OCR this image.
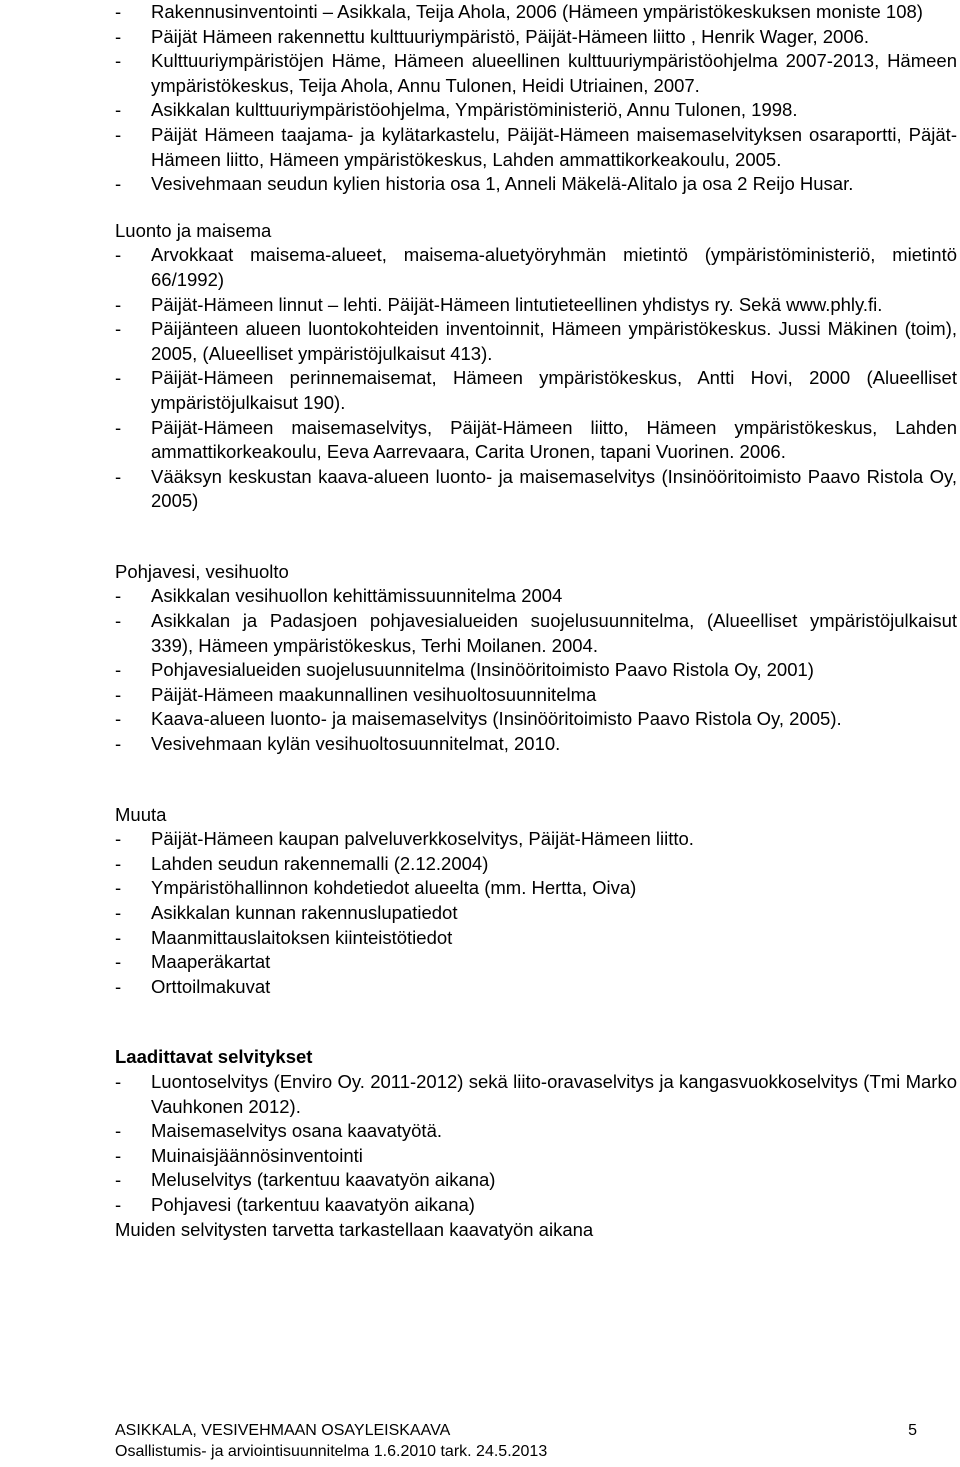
- Rakennusinventointi – Asikkala, Teija Ahola, 2006 (Hämeen ympäristökeskuksen moniste 108)
- Päijät Hämeen rakennettu kulttuuriympäristö, Päijät-Hämeen liitto , Henrik Wager, 2006.
- Kulttuuriympäristöjen Häme, Hämeen alueellinen kulttuuriympäristöohjelma 2007-2013, Hämeen ympäristökeskus, Teija Ahola, Annu Tulonen, Heidi Utriainen, 2007.
- Asikkalan kulttuuriympäristöohjelma, Ympäristöministeriö, Annu Tulonen, 1998.
- Päijät Hämeen taajama- ja kylätarkastelu, Päijät-Hämeen maisemaselvityksen osaraportti, Päjät-Hämeen liitto, Hämeen ympäristökeskus, Lahden ammattikorkeakoulu, 2005.
- Vesivehmaan seudun kylien historia osa 1, Anneli Mäkelä-Alitalo ja osa 2 Reijo Husar.
Luonto ja maisema
- Arvokkaat maisema-alueet, maisema-aluetyöryhmän mietintö (ympäristöministeriö, mietintö 66/1992)
- Päijät-Hämeen linnut – lehti. Päijät-Hämeen lintutieteellinen yhdistys ry. Sekä www.phly.fi.
- Päijänteen alueen luontokohteiden inventoinnit, Hämeen ympäristökeskus. Jussi Mäkinen (toim), 2005, (Alueelliset ympäristöjulkaisut 413).
- Päijät-Hämeen perinnemaisemat, Hämeen ympäristökeskus, Antti Hovi, 2000 (Alueelliset ympäristöjulkaisut 190).
- Päijät-Hämeen maisemaselvitys, Päijät-Hämeen liitto, Hämeen ympäristökeskus, Lahden ammattikorkeakoulu, Eeva Aarrevaara, Carita Uronen, tapani Vuorinen. 2006.
- Vääksyn keskustan kaava-alueen luonto- ja maisemaselvitys (Insinööritoimisto Paavo Ristola Oy, 2005)
Pohjavesi, vesihuolto
- Asikkalan vesihuollon kehittämissuunnitelma 2004
- Asikkalan ja Padasjoen pohjavesialueiden suojelusuunnitelma, (Alueelliset ympäristöjulkaisut 339), Hämeen ympäristökeskus, Terhi Moilanen. 2004.
- Pohjavesialueiden suojelusuunnitelma (Insinööritoimisto Paavo Ristola Oy, 2001)
- Päijät-Hämeen maakunnallinen vesihuoltosuunnitelma
- Kaava-alueen luonto- ja maisemaselvitys (Insinööritoimisto Paavo Ristola Oy, 2005).
- Vesivehmaan kylän vesihuoltosuunnitelmat, 2010.
Muuta
- Päijät-Hämeen kaupan palveluverkkoselvitys, Päijät-Hämeen liitto.
- Lahden seudun rakennemalli (2.12.2004)
- Ympäristöhallinnon kohdetiedot alueelta (mm. Hertta, Oiva)
- Asikkalan kunnan rakennuslupatiedot
- Maanmittauslaitoksen kiinteistötiedot
- Maaperäkartat
- Orttoilmakuvat
Laadittavat selvitykset
- Luontoselvitys (Enviro Oy. 2011-2012) sekä liito-oravaselvitys ja kangasvuokkoselvitys (Tmi Marko Vauhkonen 2012).
- Maisemaselvitys osana kaavatyötä.
- Muinaisjäännösinventointi
- Meluselvitys (tarkentuu kaavatyön aikana)
- Pohjavesi (tarkentuu kaavatyön aikana)

Muiden selvitysten tarvetta tarkastellaan kaavatyön aikana

ASIKKALA, VESIVEHMAAN OSAYLEISKAAVA	5
Osallistumis- ja arviointisuunnitelma 1.6.2010 tark. 24.5.2013
